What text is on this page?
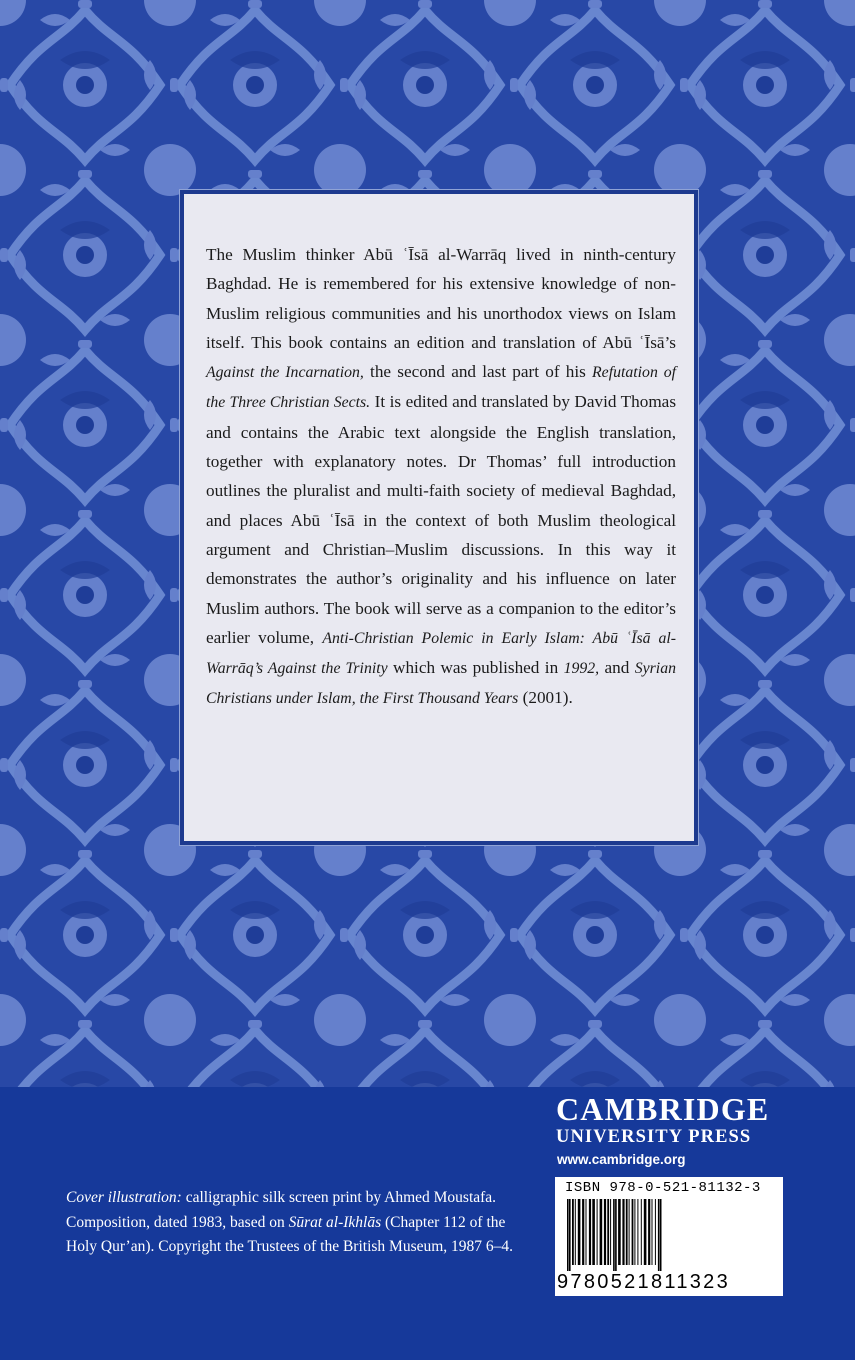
The Muslim thinker Abū ʿĪsā al-Warrāq lived in ninth-century Baghdad. He is remembered for his extensive knowledge of non-Muslim religious communities and his unorthodox views on Islam itself. This book contains an edition and translation of Abū ʿĪsā’s Against the Incarnation, the second and last part of his Refutation of the Three Christian Sects. It is edited and translated by David Thomas and contains the Arabic text alongside the English translation, together with explanatory notes. Dr Thomas’ full introduction outlines the pluralist and multi-faith society of medieval Baghdad, and places Abū ʿĪsā in the context of both Muslim theological argument and Christian–Muslim discussions. In this way it demonstrates the author’s originality and his influence on later Muslim authors. The book will serve as a companion to the editor’s earlier volume, Anti-Christian Polemic in Early Islam: Abū ʿĪsā al-Warrāq’s Against the Trinity which was published in 1992, and Syrian Christians under Islam, the First Thousand Years (2001).

Cover illustration: calligraphic silk screen print by Ahmed Moustafa. Composition, dated 1983, based on Sūrat al-Ikhlās (Chapter 112 of the Holy Qur’an). Copyright the Trustees of the British Museum, 1987 6–4.
CAMBRIDGE
UNIVERSITY PRESS
www.cambridge.org
ISBN 978-0-521-81132-3
9780521811323
